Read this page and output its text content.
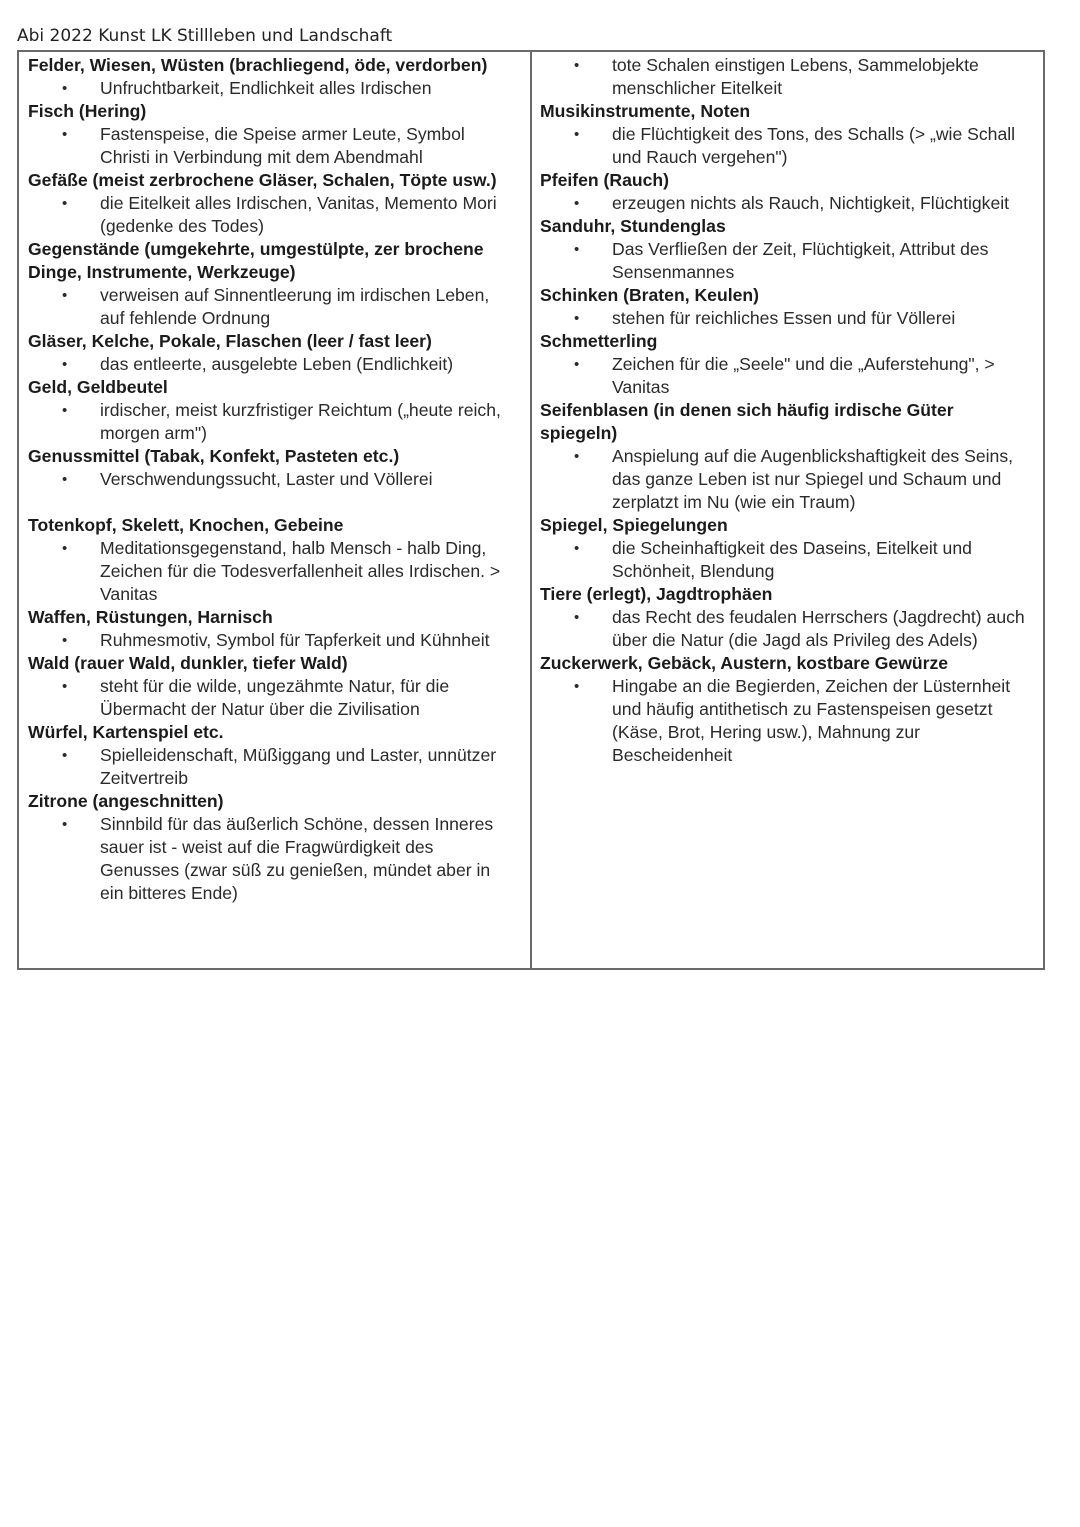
Abi 2022 Kunst LK Stillleben und Landschaft
Felder, Wiesen, Wüsten (brachliegend, öde, verdorben)
• Unfruchtbarkeit, Endlichkeit alles Irdischen
Fisch (Hering)
• Fastenspeise, die Speise armer Leute, Symbol Christi in Verbindung mit dem Abendmahl
Gefäße (meist zerbrochene Gläser, Schalen, Töpte usw.)
• die Eitelkeit alles Irdischen, Vanitas, Memento Mori (gedenke des Todes)
Gegenstände (umgekehrte, umgestülpte, zer brochene Dinge, Instrumente, Werkzeuge)
• verweisen auf Sinnentleerung im irdischen Leben, auf fehlende Ordnung
Gläser, Kelche, Pokale, Flaschen (leer / fast leer)
• das entleerte, ausgelebte Leben (Endlichkeit)
Geld, Geldbeutel
• irdischer, meist kurzfristiger Reichtum („heute reich, morgen arm")
Genussmittel (Tabak, Konfekt, Pasteten etc.)
• Verschwendungssucht, Laster und Völlerei
Totenkopf, Skelett, Knochen, Gebeine
• Meditationsgegenstand, halb Mensch - halb Ding, Zeichen für die Todesverfallenheit alles Irdischen. > Vanitas
Waffen, Rüstungen, Harnisch
• Ruhmesmotiv, Symbol für Tapferkeit und Kühnheit
Wald (rauer Wald, dunkler, tiefer Wald)
• steht für die wilde, ungezähmte Natur, für die Übermacht der Natur über die Zivilisation
Würfel, Kartenspiel etc.
• Spielleidenschaft, Müßiggang und Laster, unnützer Zeitvertreib
Zitrone (angeschnitten)
• Sinnbild für das äußerlich Schöne, dessen Inneres sauer ist - weist auf die Fragwürdigkeit des Genusses (zwar süß zu genießen, mündet aber in ein bitteres Ende)
• tote Schalen einstigen Lebens, Sammelobjekte menschlicher Eitelkeit
Musikinstrumente, Noten
• die Flüchtigkeit des Tons, des Schalls (> „wie Schall und Rauch vergehen")
Pfeifen (Rauch)
• erzeugen nichts als Rauch, Nichtigkeit, Flüchtigkeit
Sanduhr, Stundenglas
• Das Verfließen der Zeit, Flüchtigkeit, Attribut des Sensenmannes
Schinken (Braten, Keulen)
• stehen für reichliches Essen und für Völlerei
Schmetterling
• Zeichen für die „Seele" und die „Auferstehung", > Vanitas
Seifenblasen (in denen sich häufig irdische Güter spiegeln)
• Anspielung auf die Augenblickshaftigkeit des Seins, das ganze Leben ist nur Spiegel und Schaum und zerplatzt im Nu (wie ein Traum)
Spiegel, Spiegelungen
• die Scheinhaftigkeit des Daseins, Eitelkeit und Schönheit, Blendung
Tiere (erlegt), Jagdtrophäen
• das Recht des feudalen Herrschers (Jagdrecht) auch über die Natur (die Jagd als Privileg des Adels)
Zuckerwerk, Gebäck, Austern, kostbare Gewürze
• Hingabe an die Begierden, Zeichen der Lüsternheit und häufig antithetisch zu Fastenspeisen gesetzt (Käse, Brot, Hering usw.), Mahnung zur Bescheidenheit
